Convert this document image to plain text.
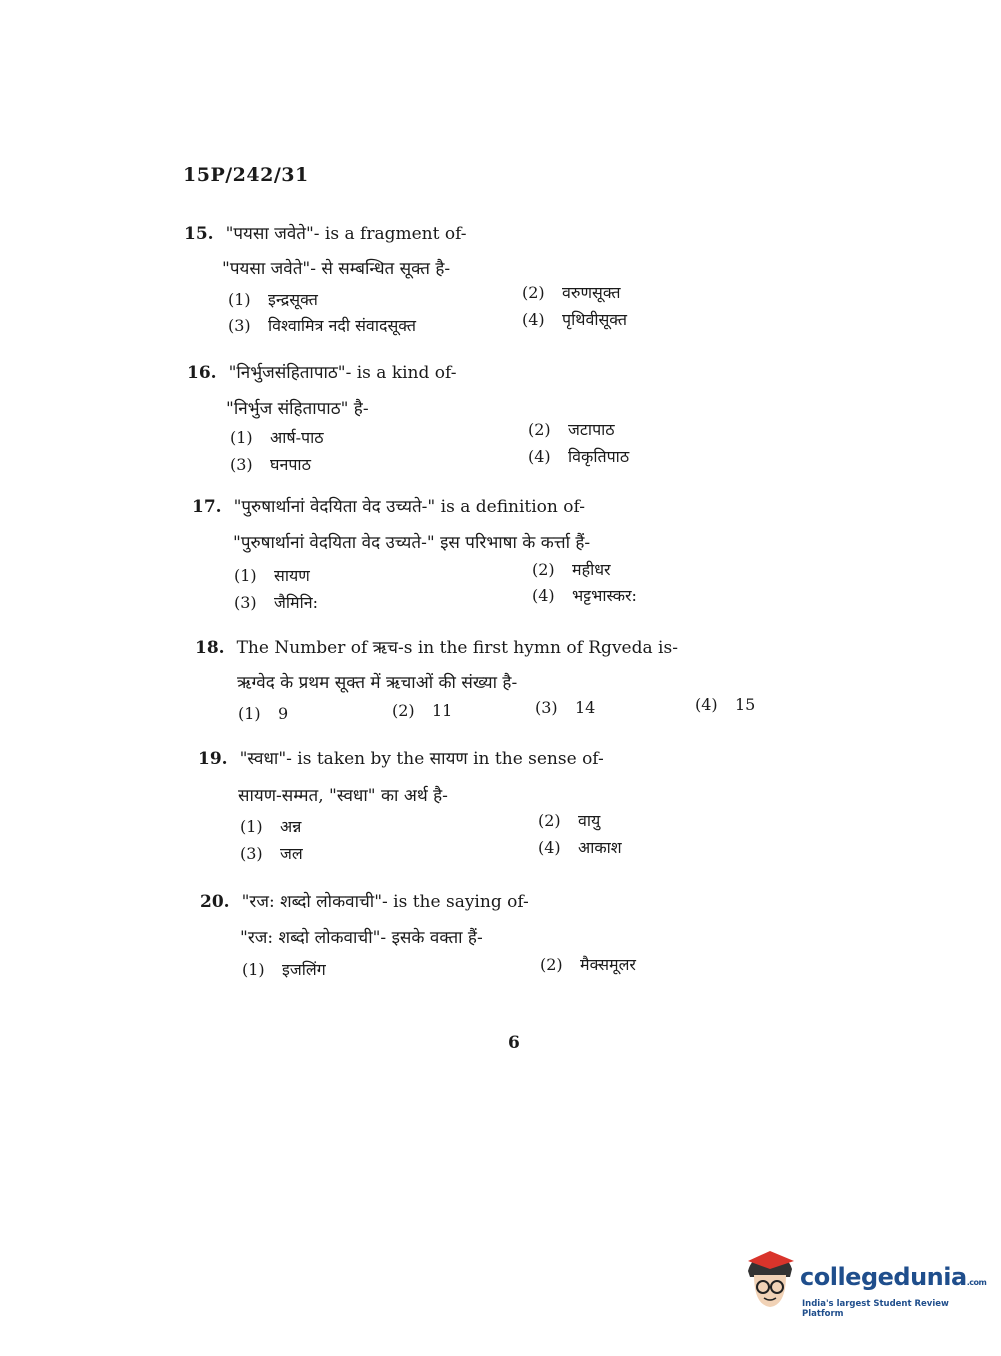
15P/242/31
15. "पयसा जवेते"- is a fragment of-
"पयसा जवेते"- से सम्बन्धित सूक्त है-
(1) इन्द्रसूक्त	(2) वरुणसूक्त
(3) विश्वामित्र नदी संवादसूक्त	(4) पृथिवीसूक्त
16. "निर्भुजसंहितापाठ"- is a kind of-
"निर्भुज संहितापाठ" है-
(1) आर्ष-पाठ	(2) जटापाठ
(3) घनपाठ	(4) विकृतिपाठ
17. "पुरुषार्थानां वेदयिता वेद उच्यते-" is a definition of-
"पुरुषार्थानां वेदयिता वेद उच्यते-" इस परिभाषा के कर्त्ता हैं-
(1) सायण	(2) महीधर
(3) जैमिनि:	(4) भट्टभास्कर:
18. The Number of ऋच-s in the first hymn of Rgveda is-
ऋग्वेद के प्रथम सूक्त में ऋचाओं की संख्या है-
(1) 9	(2) 11	(3) 14	(4) 15
19. "स्वधा"- is taken by the सायण in the sense of-
सायण-सम्मत, "स्वधा" का अर्थ है-
(1) अन्न	(2) वायु
(3) जल	(4) आकाश
20. "रज: शब्दो लोकवाची"- is the saying of-
"रज: शब्दो लोकवाची"- इसके वक्ता हैं-
(1) इजलिंग	(2) मैक्समूलर
6
collegedunia.com
India's largest Student Review Platform
